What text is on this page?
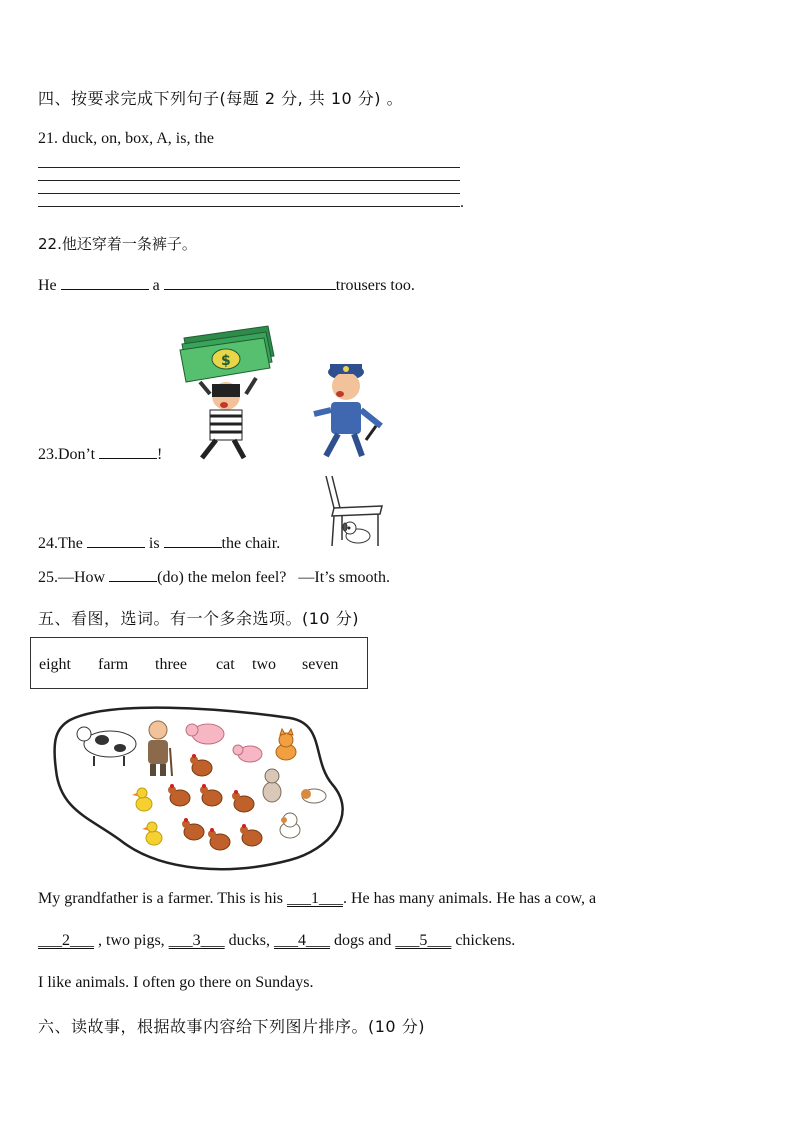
四、按要求完成下列句子(每题 2 分, 共 10 分) 。
21. duck, on, box, A, is, the
.
22.他还穿着一条裤子。
He	a	trousers too.
$
23.Don’t	!
24.The	is	the chair.
25.—How	(do) the melon feel? —It’s smooth.
五、看图，选词。有一个多余选项。(10 分)
eight farm three cat two seven
My grandfather is a farmer. This is his ___1___. He has many animals. He has a cow, a
___2___ , two pigs, ___3___ ducks, ___4___ dogs and ___5___ chickens.
I like animals. I often go there on Sundays.
六、读故事，根据故事内容给下列图片排序。(10 分)
